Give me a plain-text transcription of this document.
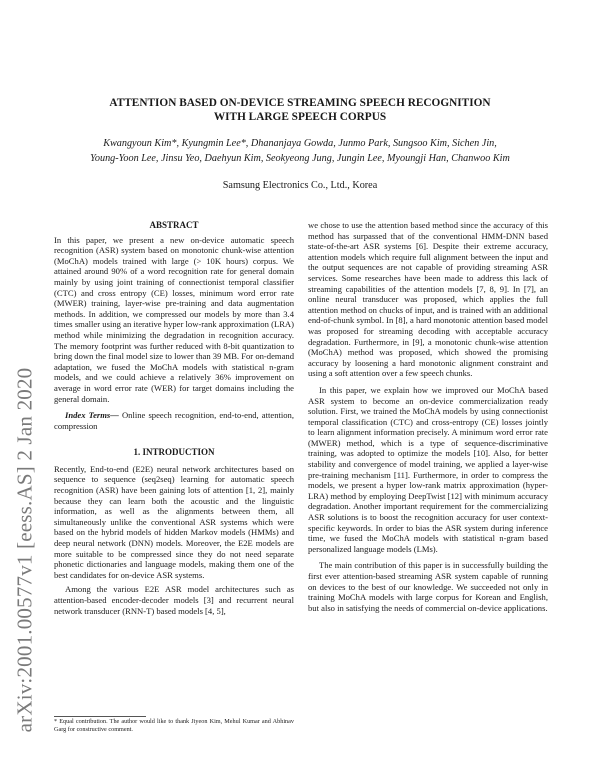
arXiv:2001.00577v1 [eess.AS] 2 Jan 2020
ATTENTION BASED ON-DEVICE STREAMING SPEECH RECOGNITION
WITH LARGE SPEECH CORPUS
Kwangyoun Kim*, Kyungmin Lee*, Dhananjaya Gowda, Junmo Park, Sungsoo Kim, Sichen Jin,
Young-Yoon Lee, Jinsu Yeo, Daehyun Kim, Seokyeong Jung, Jungin Lee, Myoungji Han, Chanwoo Kim
Samsung Electronics Co., Ltd., Korea
ABSTRACT

In this paper, we present a new on-device automatic speech recognition (ASR) system based on monotonic chunk-wise attention (MoChA) models trained with large (> 10K hours) corpus. We attained around 90% of a word recognition rate for general domain mainly by using joint training of connectionist temporal classifier (CTC) and cross entropy (CE) losses, minimum word error rate (MWER) training, layer-wise pre-training and data augmentation methods. In addition, we compressed our models by more than 3.4 times smaller using an iterative hyper low-rank approximation (LRA) method while minimizing the degradation in recognition accuracy. The memory footprint was further reduced with 8-bit quantization to bring down the final model size to lower than 39 MB. For on-demand adaptation, we fused the MoChA models with statistical n-gram models, and we could achieve a relatively 36% improvement on average in word error rate (WER) for target domains including the general domain.

Index Terms— Online speech recognition, end-to-end, attention, compression

1. INTRODUCTION

Recently, End-to-end (E2E) neural network architectures based on sequence to sequence (seq2seq) learning for automatic speech recognition (ASR) have been gaining lots of attention [1, 2], mainly because they can learn both the acoustic and the linguistic information, as well as the alignments between them, all simultaneously unlike the conventional ASR systems which were based on the hybrid models of hidden Markov models (HMMs) and deep neural network (DNN) models. Moreover, the E2E models are more suitable to be compressed since they do not need separate phonetic dictionaries and language models, making them one of the best candidates for on-device ASR systems.

Among the various E2E ASR model architectures such as attention-based encoder-decoder models [3] and recurrent neural network transducer (RNN-T) based models [4, 5],

* Equal contribution. The author would like to thank Jiyeon Kim, Mehul Kumar and Abhinav Garg for constructive comment.

we chose to use the attention based method since the accuracy of this method has surpassed that of the conventional HMM-DNN based state-of-the-art ASR systems [6]. Despite their extreme accuracy, attention models which require full alignment between the input and the output sequences are not capable of providing streaming ASR services. Some researches have been made to address this lack of streaming capabilities of the attention models [7, 8, 9]. In [7], an online neural transducer was proposed, which applies the full attention method on chucks of input, and is trained with an additional end-of-chunk symbol. In [8], a hard monotonic attention based model was proposed for streaming decoding with acceptable accuracy degradation. Furthermore, in [9], a monotonic chunk-wise attention (MoChA) method was proposed, which showed the promising accuracy by loosening a hard monotonic alignment constraint and using a soft attention over a few speech chunks.

In this paper, we explain how we improved our MoChA based ASR system to become an on-device commercialization ready solution. First, we trained the MoChA models by using connectionist temporal classification (CTC) and cross-entropy (CE) losses jointly to learn alignment information precisely. A minimum word error rate (MWER) method, which is a type of sequence-discriminative training, was adopted to optimize the models [10]. Also, for better stability and convergence of model training, we applied a layer-wise pre-training mechanism [11]. Furthermore, in order to compress the models, we present a hyper low-rank matrix approximation (hyper-LRA) method by employing DeepTwist [12] with minimum accuracy degradation. Another important requirement for the commercializing ASR solutions is to boost the recognition accuracy for user context-specific keywords. In order to bias the ASR system during inference time, we fused the MoChA models with statistical n-gram based personalized language models (LMs).

The main contribution of this paper is in successfully building the first ever attention-based streaming ASR system capable of running on devices to the best of our knowledge. We succeeded not only in training MoChA models with large corpus for Korean and English, but also in satisfying the needs of commercial on-device applications.
